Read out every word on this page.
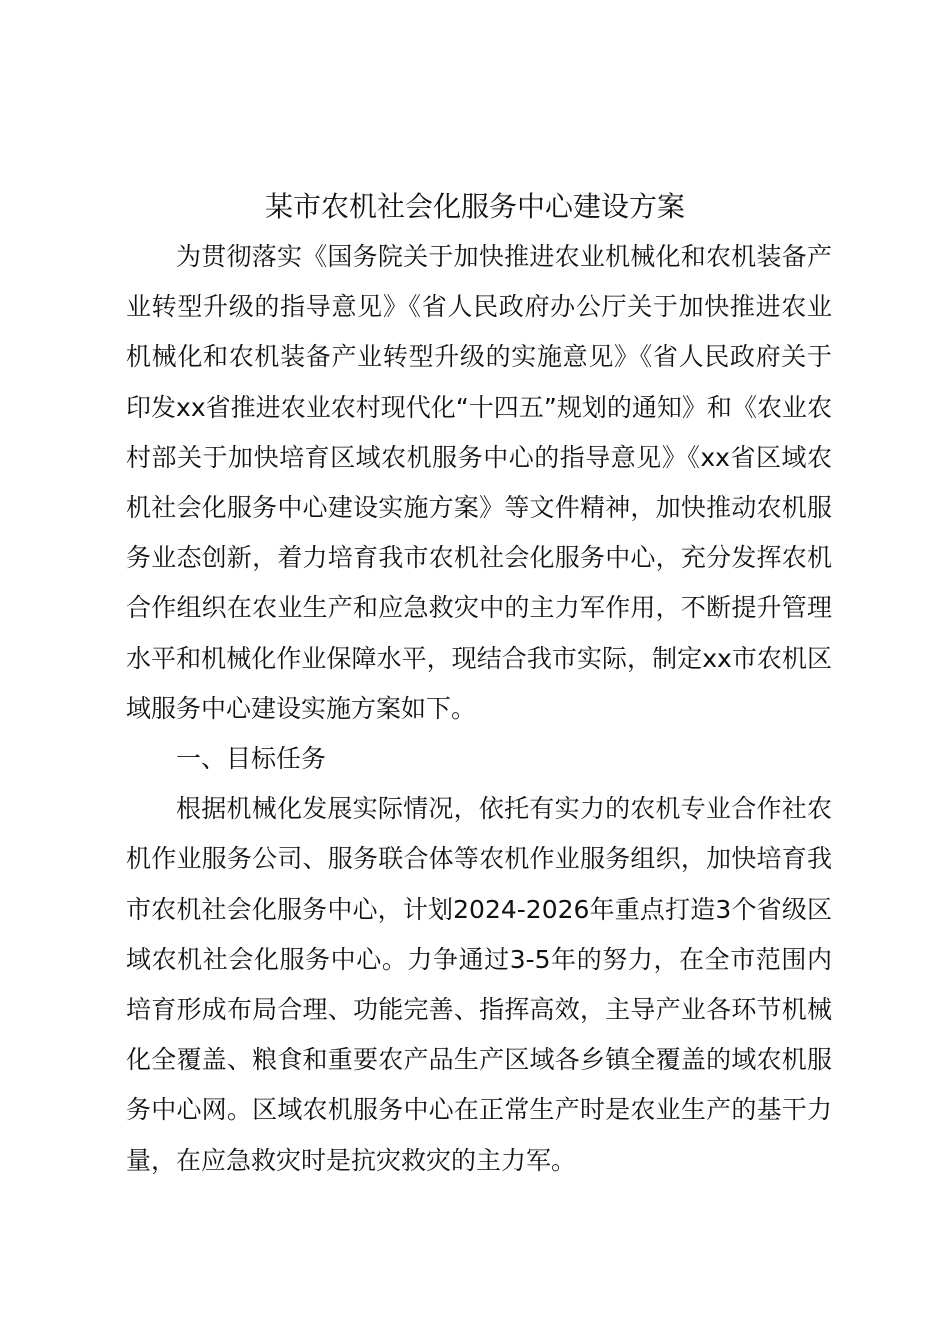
某市农机社会化服务中心建设方案

为贯彻落实《国务院关于加快推进农业机械化和农机装备产业转型升级的指导意见》《省人民政府办公厅关于加快推进农业机械化和农机装备产业转型升级的实施意见》《省人民政府关于印发xx省推进农业农村现代化“十四五”规划的通知》和《农业农村部关于加快培育区域农机服务中心的指导意见》《xx省区域农机社会化服务中心建设实施方案》等文件精神，加快推动农机服务业态创新，着力培育我市农机社会化服务中心，充分发挥农机合作组织在农业生产和应急救灾中的主力军作用，不断提升管理水平和机械化作业保障水平，现结合我市实际，制定xx市农机区域服务中心建设实施方案如下。

一、目标任务

根据机械化发展实际情况，依托有实力的农机专业合作社农机作业服务公司、服务联合体等农机作业服务组织，加快培育我市农机社会化服务中心，计划2024-2026年重点打造3个省级区域农机社会化服务中心。力争通过3-5年的努力，在全市范围内培育形成布局合理、功能完善、指挥高效，主导产业各环节机械化全覆盖、粮食和重要农产品生产区域各乡镇全覆盖的域农机服务中心网。区域农机服务中心在正常生产时是农业生产的基干力量，在应急救灾时是抗灾救灾的主力军。
